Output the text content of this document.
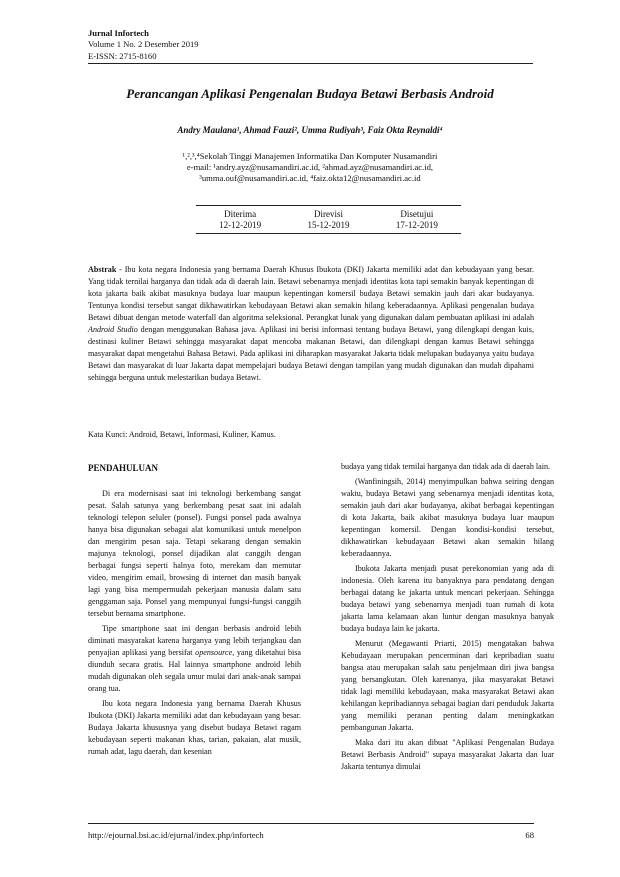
Jurnal Infortech
Volume 1 No. 2 Desember 2019
E-ISSN: 2715-8160
Perancangan Aplikasi Pengenalan Budaya Betawi Berbasis Android
Andry Maulana¹, Ahmad Fauzi², Umma Rudiyah³, Faiz Okta Reynaldi⁴
¹,²,³,⁴Sekolah Tinggi Manajemen Informatika Dan Komputer Nusamandiri
e-mail: ¹andry.ayz@nusamandiri.ac.id, ²ahmad.ayz@nusamandiri.ac.id,
³umma.ouf@nusamandiri.ac.id, ⁴faiz.okta12@nusamandiri.ac.id
Diterima	Direvisi	Disetujui
12-12-2019	15-12-2019	17-12-2019
Abstrak - Ibu kota negara Indonesia yang bernama Daerah Khusus Ibukota (DKI) Jakarta memiliki adat dan kebudayaan yang besar. Yang tidak ternilai harganya dan tidak ada di daerah lain. Betawi sebenarnya menjadi identitas kota tapi semakin banyak kepentingan di kota jakarta baik akibat masuknya budaya luar maupun kepentingan komersil budaya Betawi semakin jauh dari akar budayanya. Tentunya kondisi tersebut sangat dikhawatirkan kebudayaan Betawi akan semakin hilang keberadaannya. Aplikasi pengenalan budaya Betawi dibuat dengan metode waterfall dan algoritma seleksional. Perangkat lunak yang digunakan dalam pembuatan aplikasi ini adalah Android Studio dengan menggunakan Bahasa java. Aplikasi ini berisi informasi tentang budaya Betawi, yang dilengkapi dengan kuis, destinasi kuliner Betawi sehingga masyarakat dapat mencoba makanan Betawi, dan dilengkapi dengan kamus Betawi sehingga masyarakat dapat mengetahui Bahasa Betawi. Pada aplikasi ini diharapkan masyarakat Jakarta tidak melupakan budayanya yaitu budaya Betawi dan masyarakat di luar Jakarta dapat mempelajari budaya Betawi dengan tampilan yang mudah digunakan dan mudah dipahami sehingga berguna untuk melestarikan budaya Betawi.
Kata Kunci: Android, Betawi, Informasi, Kuliner, Kamus.
PENDAHULUAN

Di era modernisasi saat ini teknologi berkembang sangat pesat. Salah satunya yang berkembang pesat saat ini adalah teknologi telepon seluler (ponsel). Fungsi ponsel pada awalnya hanya bisa digunakan sebagai alat komunikasi untuk menelpon dan mengirim pesan saja. Tetapi sekarang dengan semakin majunya teknologi, ponsel dijadikan alat canggih dengan berbagai fungsi seperti halnya foto, merekam dan memutar video, mengirim email, browsing di internet dan masih banyak lagi yang bisa mempermudah pekerjaan manusia dalam satu genggaman saja. Ponsel yang mempunyai fungsi-fungsi canggih tersebut bernama smartphone.

Tipe smartphone saat ini dengan berbasis android lebih diminati masyarakat karena harganya yang lebih terjangkau dan penyajian aplikasi yang bersifat opensource, yang diketahui bisa diunduh secara gratis. Hal lainnya smartphone android lebih mudah digunakan oleh segala umur mulai dari anak-anak sampai orang tua.

Ibu kota negara Indonesia yang bernama Daerah Khusus Ibukota (DKI) Jakarta memiliki adat dan kebudayaan yang besar. Budaya Jakarta khususnya yang disebut budaya Betawi ragam kebudayaan seperti makanan khas, tarian, pakaian, alat musik, rumah adat, lagu daerah, dan kesenian

budaya yang tidak ternilai harganya dan tidak ada di daerah lain.

(Wanfiningsih, 2014) menyimpulkan bahwa seiring dengan waktu, budaya Betawi yang sebenarnya menjadi identitas kota, semakin jauh dari akar budayanya, akibat berbagai kepentingan di kota Jakarta, baik akibat masuknya budaya luar maupun kepentingan komersil. Dengan kondisi-kondisi tersebut, dikhawatirkan kebudayaan Betawi akan semakin hilang keberadaannya.

Ibukota Jakarta menjadi pusat perekonomian yang ada di indonesia. Oleh karena itu banyaknya para pendatang dengan berbagai datang ke jakarta untuk mencari pekerjaan. Sehingga budaya betawi yang sebenarnya menjadi tuan rumah di kota jakarta lama kelamaan akan luntur dengan masuknya banyak budaya budaya lain ke jakarta.

Menurut (Megawanti Priarti, 2015) mengatakan bahwa Kebudayaan merupakan pencerminan dari kepribadian suatu bangsa atau merupakan salah satu penjelmaan diri jiwa bangsa yang bersangkutan. Oleh karenanya, jika masyarakat Betawi tidak lagi memiliki kebudayaan, maka masyarakat Betawi akan kehilangan kepribadiannya sebagai bagian dari penduduk Jakarta yang memiliki peranan penting dalam meningkatkan pembangunan Jakarta.

Maka dari itu akan dibuat "Aplikasi Pengenalan Budaya Betawi Berbasis Android" supaya masyarakat Jakarta dan luar Jakarta tentunya dimulai

http://ejournal.bsi.ac.id/ejurnal/index.php/infortech	68
